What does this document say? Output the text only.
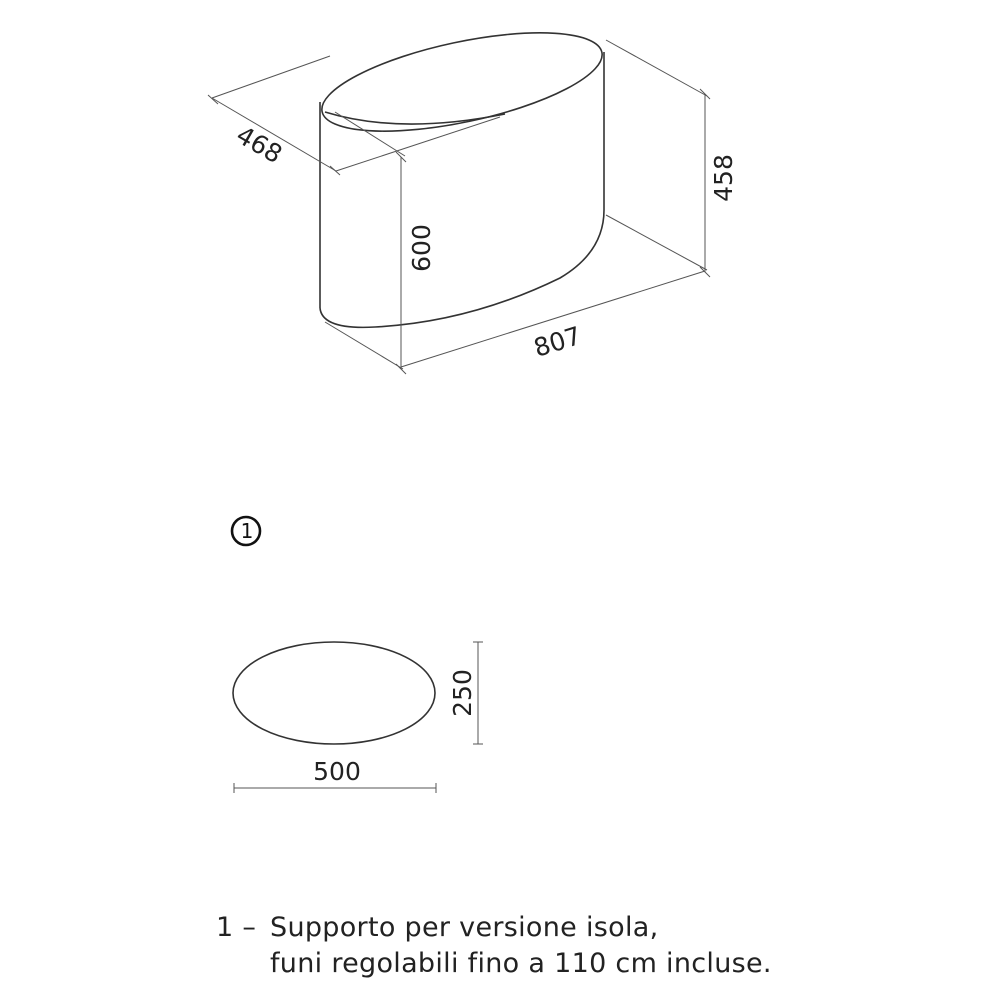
468
600
458
807
1
250
500
1 – Supporto per versione isola,
funi regolabili fino a 110 cm incluse.
